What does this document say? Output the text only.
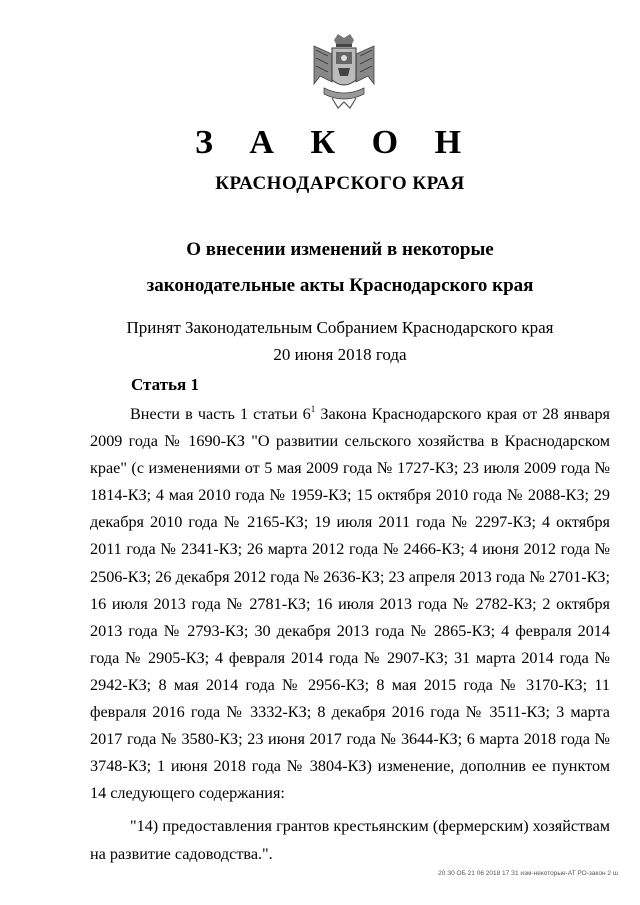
З А К О Н
КРАСНОДАРСКОГО КРАЯ
О внесении изменений в некоторые
законодательные акты Краснодарского края
Принят Законодательным Собранием Краснодарского края
20 июня 2018 года
Статья 1

Внести в часть 1 статьи $6^1$ Закона Краснодарского края от 28 января 2009 года № 1690-КЗ "О развитии сельского хозяйства в Краснодарском крае" (с изменениями от 5 мая 2009 года № 1727-КЗ; 23 июля 2009 года № 1814-КЗ; 4 мая 2010 года № 1959-КЗ; 15 октября 2010 года № 2088-КЗ; 29 декабря 2010 года № 2165-КЗ; 19 июля 2011 года № 2297-КЗ; 4 октября 2011 года № 2341-КЗ; 26 марта 2012 года № 2466-КЗ; 4 июня 2012 года № 2506-КЗ; 26 декабря 2012 года № 2636-КЗ; 23 апреля 2013 года № 2701-КЗ; 16 июля 2013 года № 2781-КЗ; 16 июля 2013 года № 2782-КЗ; 2 октября 2013 года № 2793-КЗ; 30 декабря 2013 года № 2865-КЗ; 4 февраля 2014 года № 2905-КЗ; 4 февраля 2014 года № 2907-КЗ; 31 марта 2014 года № 2942-КЗ; 8 мая 2014 года № 2956-КЗ; 8 мая 2015 года № 3170-КЗ; 11 февраля 2016 года № 3332-КЗ; 8 декабря 2016 года № 3511-КЗ; 3 марта 2017 года № 3580-КЗ; 23 июня 2017 года № 3644-КЗ; 6 марта 2018 года № 3748-КЗ; 1 июня 2018 года № 3804-КЗ) изменение, дополнив ее пунктом 14 следующего содержания:

"14) предоставления грантов крестьянским (фермерским) хозяйствам на развитие садоводства.".

20 З0 ОБ 21 06 2018 17 З1 изм-некоторые-АТ РО-закон 2 ш
